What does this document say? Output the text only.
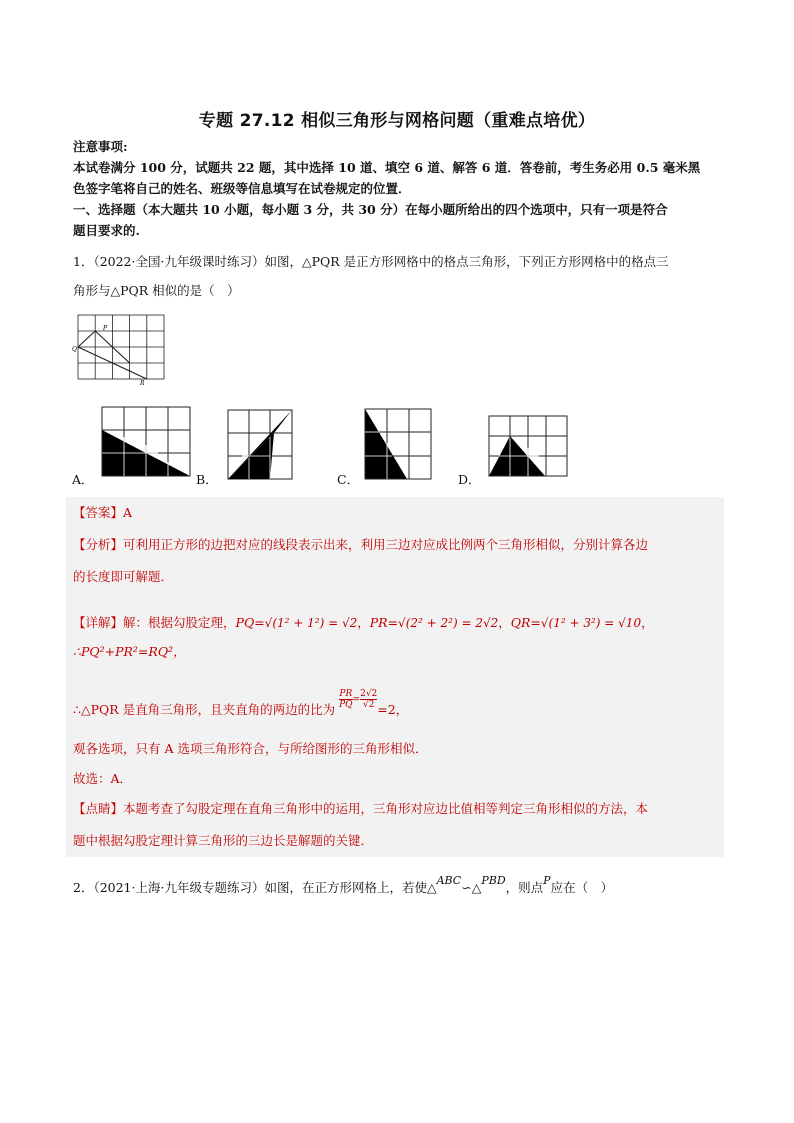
专题 27.12 相似三角形与网格问题（重难点培优）
注意事项:
本试卷满分 100 分，试题共 22 题，其中选择 10 道、填空 6 道、解答 6 道．答卷前，考生务必用 0.5 毫米黑
色签字笔将自己的姓名、班级等信息填写在试卷规定的位置．
一、选择题（本大题共 10 小题，每小题 3 分，共 30 分）在每小题所给出的四个选项中，只有一项是符合
题目要求的.
1．（2022·全国·九年级课时练习）如图，△PQR 是正方形网格中的格点三角形，下列正方形网格中的格点三
角形与△PQR 相似的是（　）
P
Q
R
A．	B．	C．	D．
【答案】A
【分析】可利用正方形的边把对应的线段表示出来，利用三边对应成比例两个三角形相似，分别计算各边
的长度即可解题．
【详解】解：根据勾股定理，PQ=√(1² + 1²) = √2，PR=√(2² + 2²) = 2√2，QR=√(1² + 3²) = √10，
∴PQ²+PR²=RQ²，
∴△PQR 是直角三角形，且夹直角的两边的比为 $\frac{PR}{PQ} ^= \frac{2√2}{√2} =2$，
观各选项，只有 A 选项三角形符合，与所给图形的三角形相似．
故选：A．
【点睛】本题考查了勾股定理在直角三角形中的运用，三角形对应边比值相等判定三角形相似的方法，本
题中根据勾股定理计算三角形的三边长是解题的关键．
2．（2021·上海·九年级专题练习）如图，在正方形网格上，若使△ABC∽△PBD，则点P应在（　）
